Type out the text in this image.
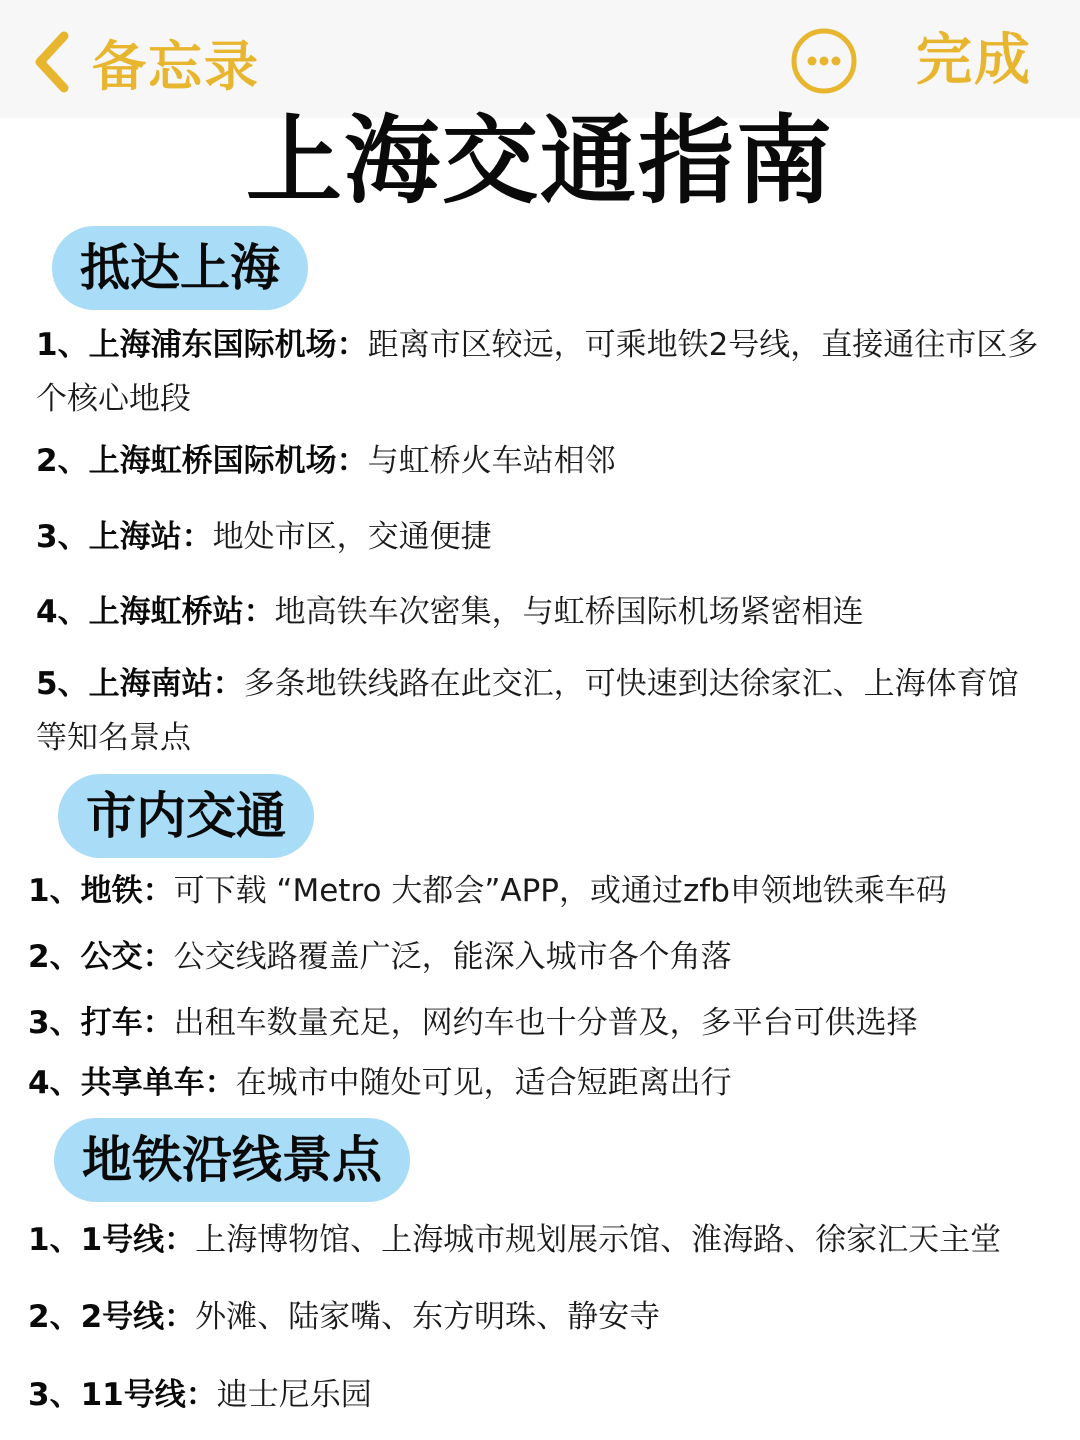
备忘录	完成
上海交通指南
抵达上海
1、上海浦东国际机场：距离市区较远，可乘地铁2号线，直接通往市区多个核心地段
2、上海虹桥国际机场：与虹桥火车站相邻
3、上海站：地处市区，交通便捷
4、上海虹桥站：地高铁车次密集，与虹桥国际机场紧密相连
5、上海南站：多条地铁线路在此交汇，可快速到达徐家汇、上海体育馆等知名景点
市内交通
1、地铁：可下载 “Metro 大都会”APP，或通过zfb申领地铁乘车码
2、公交：公交线路覆盖广泛，能深入城市各个角落
3、打车：出租车数量充足，网约车也十分普及，多平台可供选择
4、共享单车：在城市中随处可见，适合短距离出行
地铁沿线景点
1、1号线：上海博物馆、上海城市规划展示馆、淮海路、徐家汇天主堂
2、2号线：外滩、陆家嘴、东方明珠、静安寺
3、11号线：迪士尼乐园
